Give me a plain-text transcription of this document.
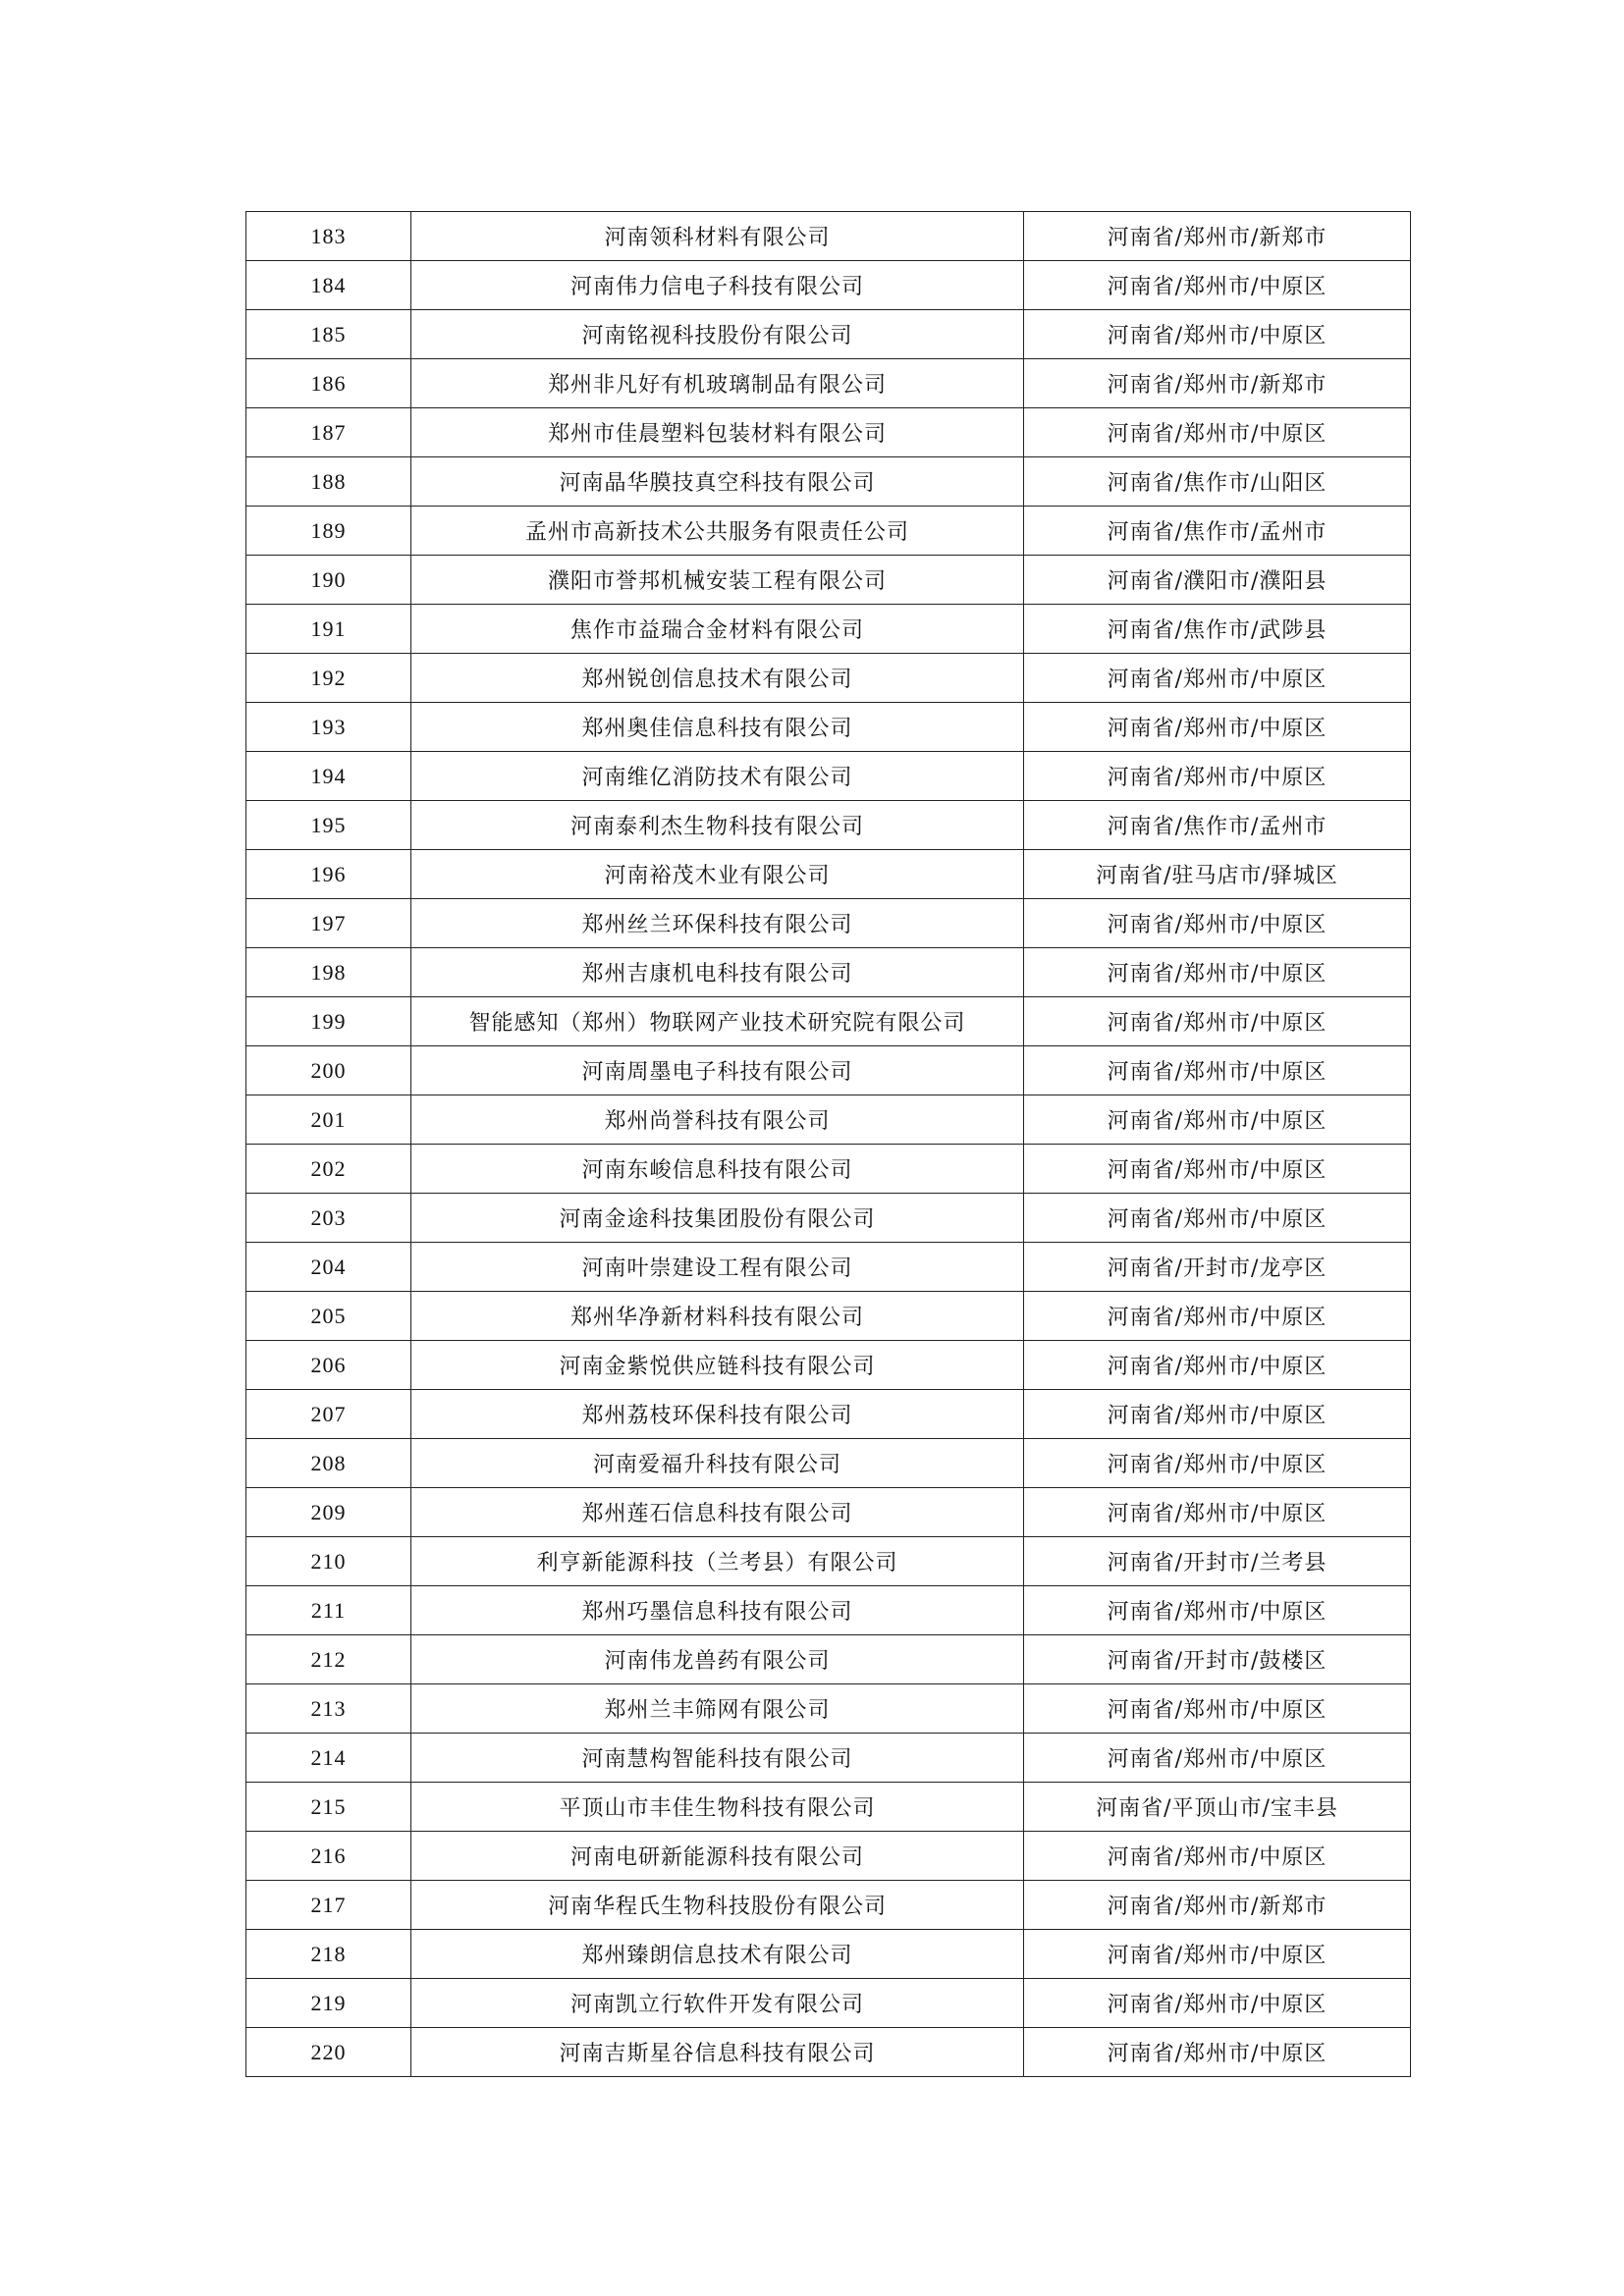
183	河南领科材料有限公司	河南省/郑州市/新郑市
184	河南伟力信电子科技有限公司	河南省/郑州市/中原区
185	河南铭视科技股份有限公司	河南省/郑州市/中原区
186	郑州非凡好有机玻璃制品有限公司	河南省/郑州市/新郑市
187	郑州市佳晨塑料包装材料有限公司	河南省/郑州市/中原区
188	河南晶华膜技真空科技有限公司	河南省/焦作市/山阳区
189	孟州市高新技术公共服务有限责任公司	河南省/焦作市/孟州市
190	濮阳市誉邦机械安装工程有限公司	河南省/濮阳市/濮阳县
191	焦作市益瑞合金材料有限公司	河南省/焦作市/武陟县
192	郑州锐创信息技术有限公司	河南省/郑州市/中原区
193	郑州奥佳信息科技有限公司	河南省/郑州市/中原区
194	河南维亿消防技术有限公司	河南省/郑州市/中原区
195	河南泰利杰生物科技有限公司	河南省/焦作市/孟州市
196	河南裕茂木业有限公司	河南省/驻马店市/驿城区
197	郑州丝兰环保科技有限公司	河南省/郑州市/中原区
198	郑州吉康机电科技有限公司	河南省/郑州市/中原区
199	智能感知（郑州）物联网产业技术研究院有限公司	河南省/郑州市/中原区
200	河南周墨电子科技有限公司	河南省/郑州市/中原区
201	郑州尚誉科技有限公司	河南省/郑州市/中原区
202	河南东峻信息科技有限公司	河南省/郑州市/中原区
203	河南金途科技集团股份有限公司	河南省/郑州市/中原区
204	河南叶崇建设工程有限公司	河南省/开封市/龙亭区
205	郑州华净新材料科技有限公司	河南省/郑州市/中原区
206	河南金紫悦供应链科技有限公司	河南省/郑州市/中原区
207	郑州荔枝环保科技有限公司	河南省/郑州市/中原区
208	河南爱福升科技有限公司	河南省/郑州市/中原区
209	郑州莲石信息科技有限公司	河南省/郑州市/中原区
210	利亨新能源科技（兰考县）有限公司	河南省/开封市/兰考县
211	郑州巧墨信息科技有限公司	河南省/郑州市/中原区
212	河南伟龙兽药有限公司	河南省/开封市/鼓楼区
213	郑州兰丰筛网有限公司	河南省/郑州市/中原区
214	河南慧构智能科技有限公司	河南省/郑州市/中原区
215	平顶山市丰佳生物科技有限公司	河南省/平顶山市/宝丰县
216	河南电研新能源科技有限公司	河南省/郑州市/中原区
217	河南华程氏生物科技股份有限公司	河南省/郑州市/新郑市
218	郑州臻朗信息技术有限公司	河南省/郑州市/中原区
219	河南凯立行软件开发有限公司	河南省/郑州市/中原区
220	河南吉斯星谷信息科技有限公司	河南省/郑州市/中原区
